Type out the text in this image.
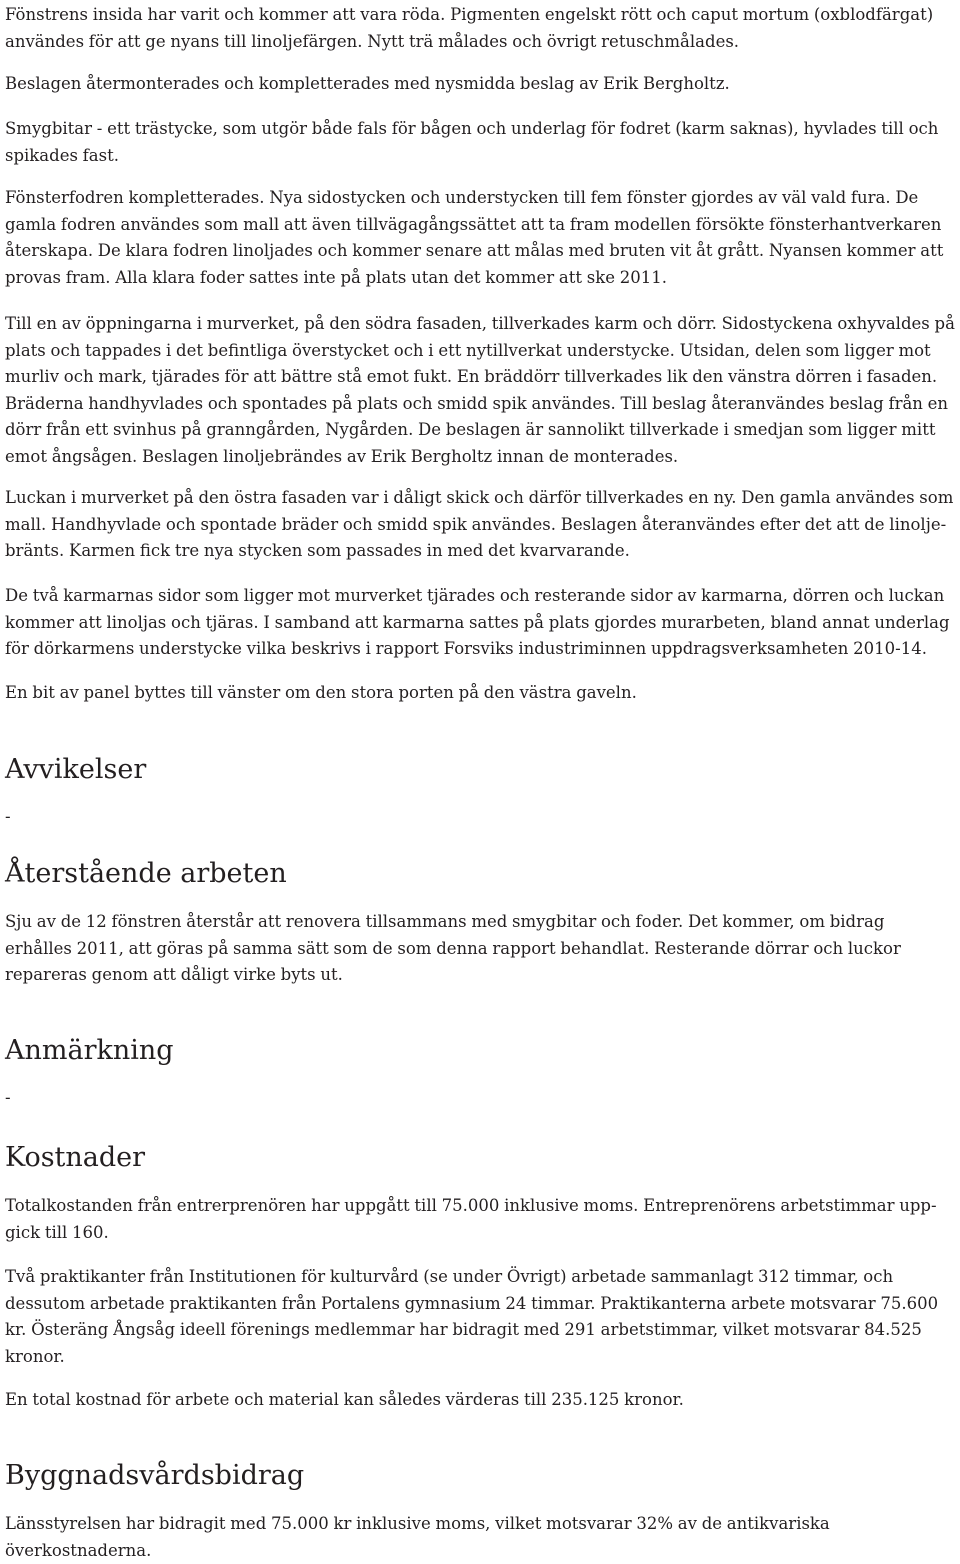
Fönstrens insida har varit och kommer att vara röda. Pigmenten engelskt rött och caput mortum (oxblodfärgat) användes för att ge nyans till linoljefärgen. Nytt trä målades och övrigt retuschmålades.

Beslagen återmonterades och kompletterades med nysmidda beslag av Erik Bergholtz.

Smygbitar - ett trästycke, som utgör både fals för bågen och underlag för fodret (karm saknas), hyvlades till och spikades fast.

Fönsterfodren kompletterades. Nya sidostycken och understycken till fem fönster gjordes av väl vald fura. De gamla fodren användes som mall att även tillvägagångssättet att ta fram modellen försökte fönsterhantverkaren återskapa. De klara fodren linoljades och kommer senare att målas med bruten vit åt grått. Nyansen kommer att provas fram. Alla klara foder sattes inte på plats utan det kommer att ske 2011.

Till en av öppningarna i murverket, på den södra fasaden, tillverkades karm och dörr. Sidostyckena oxhyvaldes på plats och tappades i det befintliga överstycket och i ett nytillverkat understycke. Utsidan, delen som ligger mot murliv och mark, tjärades för att bättre stå emot fukt. En bräddörr tillverkades lik den vänstra dörren i fasaden. Bräderna handhyvlades och spontades på plats och smidd spik användes. Till beslag återanvändes beslag från en dörr från ett svinhus på granngården, Nygården. De beslagen är sannolikt tillverkade i smedjan som ligger mitt emot ångsågen. Beslagen linoljebrändes av Erik Bergholtz innan de monterades.

Luckan i murverket på den östra fasaden var i dåligt skick och därför tillverkades en ny. Den gamla användes som mall. Handhyvlade och spontade bräder och smidd spik användes. Beslagen återanvändes efter det att de linolje-bränts. Karmen fick tre nya stycken som passades in med det kvarvarande.

De två karmarnas sidor som ligger mot murverket tjärades och resterande sidor av karmarna, dörren och luckan kommer att linoljas och tjäras. I samband att karmarna sattes på plats gjordes murarbeten, bland annat underlag för dörkarmens understycke vilka beskrivs i rapport Forsviks industriminnen uppdragsverksamheten 2010-14.

En bit av panel byttes till vänster om den stora porten på den västra gaveln.

Avvikelser
-
Återstående arbeten

Sju av de 12 fönstren återstår att renovera tillsammans med smygbitar och foder. Det kommer, om bidrag erhålles 2011, att göras på samma sätt som de som denna rapport behandlat. Resterande dörrar och luckor repareras genom att dåligt virke byts ut.

Anmärkning
-
Kostnader

Totalkostanden från entrerprenören har uppgått till 75.000 inklusive moms. Entreprenörens arbetstimmar upp-gick till 160.

Två praktikanter från Institutionen för kulturvård (se under Övrigt) arbetade sammanlagt 312 timmar, och dessutom arbetade praktikanten från Portalens gymnasium 24 timmar. Praktikanterna arbete motsvarar 75.600 kr. Österäng Ångsåg ideell förenings medlemmar har bidragit med 291 arbetstimmar, vilket motsvarar 84.525 kronor.

En total kostnad för arbete och material kan således värderas till 235.125 kronor.

Byggnadsvårdsbidrag

Länsstyrelsen har bidragit med 75.000 kr inklusive moms, vilket motsvarar 32% av de antikvariska överkostnaderna.
